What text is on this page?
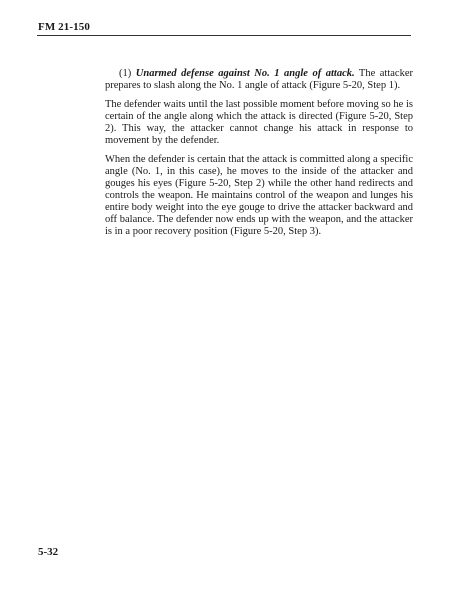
FM 21-150

(1) Unarmed defense against No. 1 angle of attack. The attacker prepares to slash along the No. 1 angle of attack (Figure 5-20, Step 1).

The defender waits until the last possible moment before moving so he is certain of the angle along which the attack is directed (Figure 5-20, Step 2). This way, the attacker cannot change his attack in response to movement by the defender.

When the defender is certain that the attack is committed along a specific angle (No. 1, in this case), he moves to the inside of the attacker and gouges his eyes (Figure 5-20, Step 2) while the other hand redirects and controls the weapon. He maintains control of the weapon and lunges his entire body weight into the eye gouge to drive the attacker backward and off balance. The defender now ends up with the weapon, and the attacker is in a poor recovery position (Figure 5-20, Step 3).

5-32
